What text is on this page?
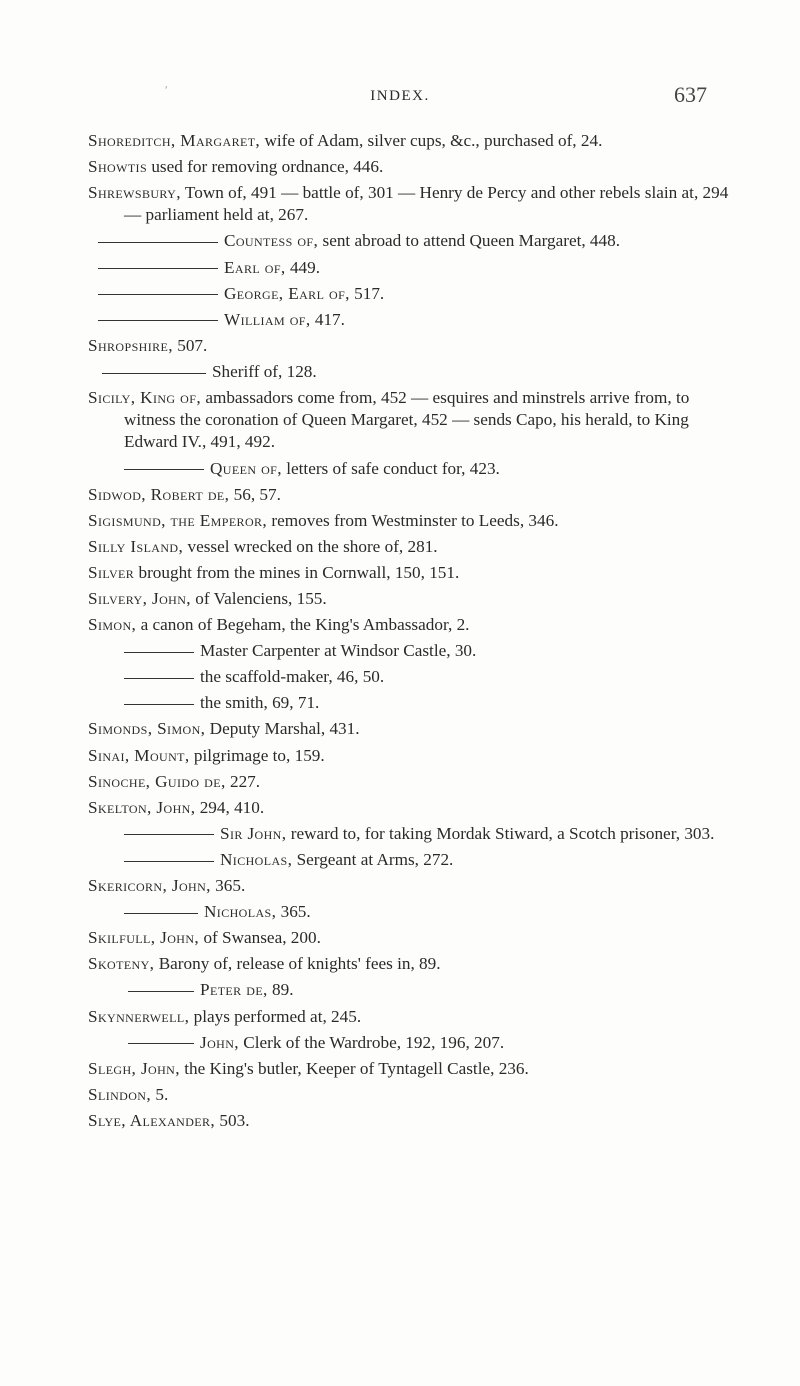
ʹ	INDEX.	637
Shoreditch, Margaret, wife of Adam, silver cups, &c., purchased of, 24.
Showtis used for removing ordnance, 446.
Shrewsbury, Town of, 491 — battle of, 301 — Henry de Percy and other rebels slain at, 294 — parliament held at, 267.
Countess of, sent abroad to attend Queen Margaret, 448.
Earl of, 449.
George, Earl of, 517.
William of, 417.
Shropshire, 507.
Sheriff of, 128.
Sicily, King of, ambassadors come from, 452 — esquires and minstrels arrive from, to witness the coronation of Queen Margaret, 452 — sends Capo, his herald, to King Edward IV., 491, 492.
Queen of, letters of safe conduct for, 423.
Sidwod, Robert de, 56, 57.
Sigismund, the Emperor, removes from Westminster to Leeds, 346.
Silly Island, vessel wrecked on the shore of, 281.
Silver brought from the mines in Cornwall, 150, 151.
Silvery, John, of Valenciens, 155.
Simon, a canon of Begeham, the King's Ambassador, 2.
Master Carpenter at Windsor Castle, 30.
the scaffold-maker, 46, 50.
the smith, 69, 71.
Simonds, Simon, Deputy Marshal, 431.
Sinai, Mount, pilgrimage to, 159.
Sinoche, Guido de, 227.
Skelton, John, 294, 410.
Sir John, reward to, for taking Mordak Stiward, a Scotch prisoner, 303.
Nicholas, Sergeant at Arms, 272.
Skericorn, John, 365.
Nicholas, 365.
Skilfull, John, of Swansea, 200.
Skoteny, Barony of, release of knights' fees in, 89.
Peter de, 89.
Skynnerwell, plays performed at, 245.
John, Clerk of the Wardrobe, 192, 196, 207.
Slegh, John, the King's butler, Keeper of Tyntagell Castle, 236.
Slindon, 5.
Slye, Alexander, 503.
